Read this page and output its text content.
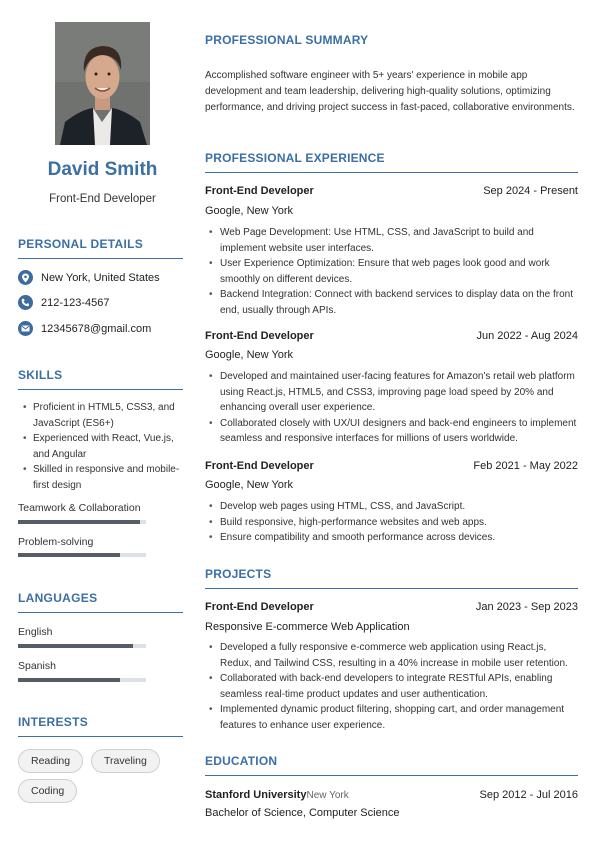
David Smith
Front-End Developer
PERSONAL DETAILS
New York, United States
212-123-4567
12345678@gmail.com
SKILLS
• Proficient in HTML5, CSS3, and JavaScript (ES6+)
• Experienced with React, Vue.js, and Angular
• Skilled in responsive and mobile-first design
Teamwork & Collaboration
Problem-solving
LANGUAGES
English
Spanish
INTERESTS
Reading	Traveling
Coding
PROFESSIONAL SUMMARY

Accomplished software engineer with 5+ years' experience in mobile app development and team leadership, delivering high-quality solutions, optimizing performance, and driving project success in fast-paced, collaborative environments.

PROFESSIONAL EXPERIENCE
Front-End Developer	Sep 2024 - Present
Google, New York
• Web Page Development: Use HTML, CSS, and JavaScript to build and implement website user interfaces.
• User Experience Optimization: Ensure that web pages look good and work smoothly on different devices.
• Backend Integration: Connect with backend services to display data on the front end, usually through APIs.
Front-End Developer	Jun 2022 - Aug 2024
Google, New York
• Developed and maintained user-facing features for Amazon's retail web platform using React.js, HTML5, and CSS3, improving page load speed by 20% and enhancing overall user experience.
• Collaborated closely with UX/UI designers and back-end engineers to implement seamless and responsive interfaces for millions of users worldwide.
Front-End Developer	Feb 2021 - May 2022
Google, New York
• Develop web pages using HTML, CSS, and JavaScript.
• Build responsive, high-performance websites and web apps.
• Ensure compatibility and smooth performance across devices.
PROJECTS
Front-End Developer	Jan 2023 - Sep 2023
Responsive E-commerce Web Application
• Developed a fully responsive e-commerce web application using React.js, Redux, and Tailwind CSS, resulting in a 40% increase in mobile user retention.
• Collaborated with back-end developers to integrate RESTful APIs, enabling seamless real-time product updates and user authentication.
• Implemented dynamic product filtering, shopping cart, and order management features to enhance user experience.
EDUCATION
Stanford UniversityNew York	Sep 2012 - Jul 2016
Bachelor of Science, Computer Science
